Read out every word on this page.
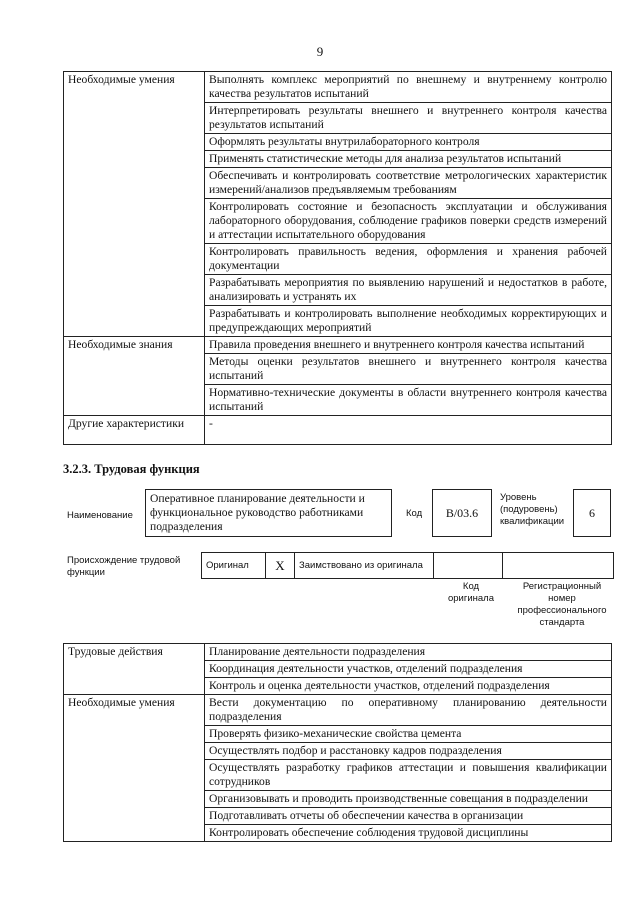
9
Необходимые умения	Выполнять комплекс мероприятий по внешнему и внутреннему контролю качества результатов испытаний
	Интерпретировать результаты внешнего и внутреннего контроля качества результатов испытаний
	Оформлять результаты внутрилабораторного контроля
	Применять статистические методы для анализа результатов испытаний
	Обеспечивать и контролировать соответствие метрологических характеристик измерений/анализов предъявляемым требованиям
	Контролировать состояние и безопасность эксплуатации и обслуживания лабораторного оборудования, соблюдение графиков поверки средств измерений и аттестации испытательного оборудования
	Контролировать правильность ведения, оформления и хранения рабочей документации
	Разрабатывать мероприятия по выявлению нарушений и недостатков в работе, анализировать и устранять их
	Разрабатывать и контролировать выполнение необходимых корректирующих и предупреждающих мероприятий
Необходимые знания	Правила проведения внешнего и внутреннего контроля качества испытаний
	Методы оценки результатов внешнего и внутреннего контроля качества испытаний
	Нормативно-технические документы в области внутреннего контроля качества испытаний
Другие характеристики	-
3.2.3. Трудовая функция
Наименование
Оперативное планирование деятельности и функциональное руководство работниками подразделения
Код	B/03.6
Уровень (подуровень) квалификации
6
Происхождение трудовой функции
Оригинал	X	Заимствовано из оригинала		
Код оригинала
Регистрационный номер профессионального стандарта
Трудовые действия	Планирование деятельности подразделения
	Координация деятельности участков, отделений подразделения
	Контроль и оценка деятельности участков, отделений подразделения
Необходимые умения	Вести документацию по оперативному планированию деятельности подразделения
	Проверять физико-механические свойства цемента
	Осуществлять подбор и расстановку кадров подразделения
	Осуществлять разработку графиков аттестации и повышения квалификации сотрудников
	Организовывать и проводить производственные совещания в подразделении
	Подготавливать отчеты об обеспечении качества в организации
	Контролировать обеспечение соблюдения трудовой дисциплины
